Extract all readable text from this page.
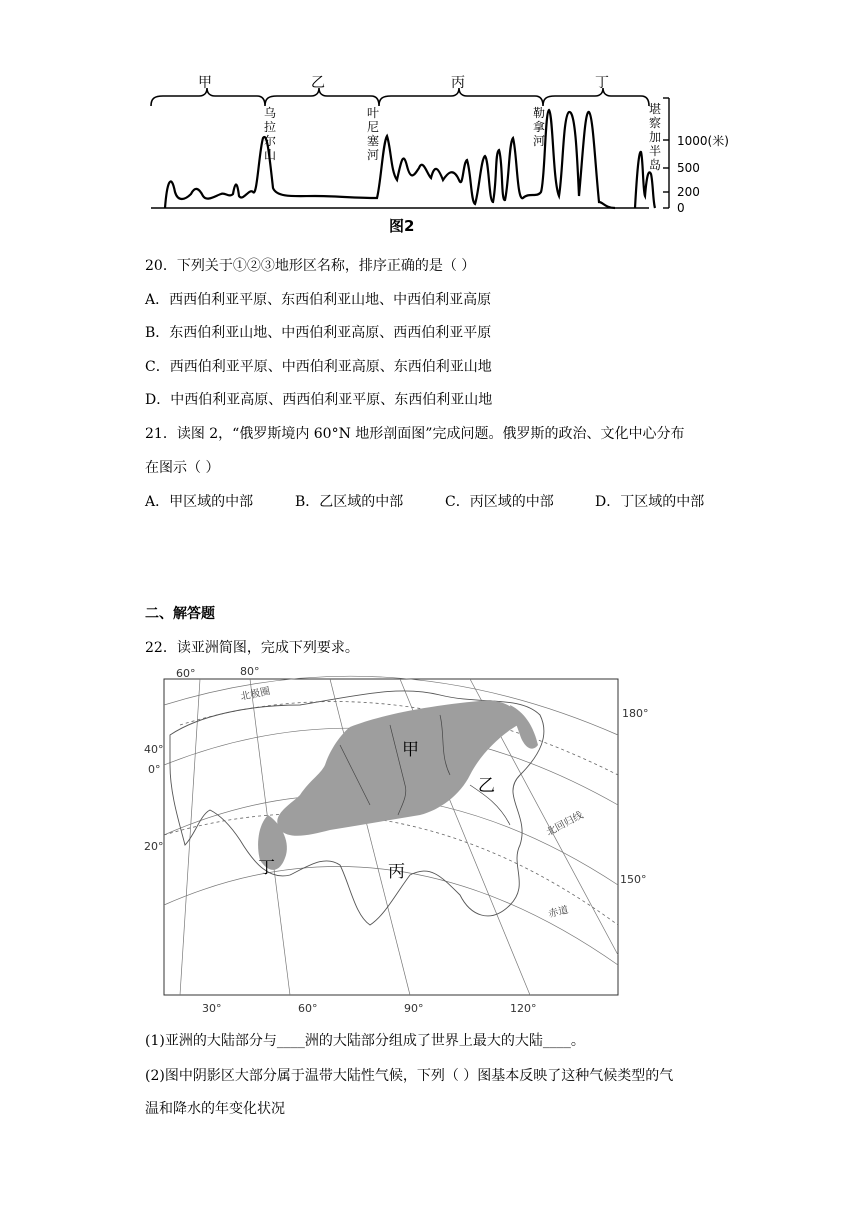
甲	乙	丙	丁
乌拉尔山
叶尼塞河
勒拿河
堪察加半岛
1000(米)
500
200
0
图2
20．下列关于①②③地形区名称，排序正确的是（ ）
A．西西伯利亚平原、东西伯利亚山地、中西伯利亚高原
B．东西伯利亚山地、中西伯利亚高原、西西伯利亚平原
C．西西伯利亚平原、中西伯利亚高原、东西伯利亚山地
D．中西伯利亚高原、西西伯利亚平原、东西伯利亚山地
21．读图 2，“俄罗斯境内 60°N 地形剖面图”完成问题。俄罗斯的政治、文化中心分布
在图示（ ）
A．甲区域的中部	B．乙区域的中部	C．丙区域的中部	D．丁区域的中部
二、解答题
22．读亚洲简图，完成下列要求。
60°	80°
北极圈
40°
0°
20°
180°
150°
北回归线
赤道
30°	60°	90°	120°
甲
乙
丙
丁
(1)亚洲的大陆部分与____洲的大陆部分组成了世界上最大的大陆____。
(2)图中阴影区大部分属于温带大陆性气候，下列（ ）图基本反映了这种气候类型的气
温和降水的年变化状况
